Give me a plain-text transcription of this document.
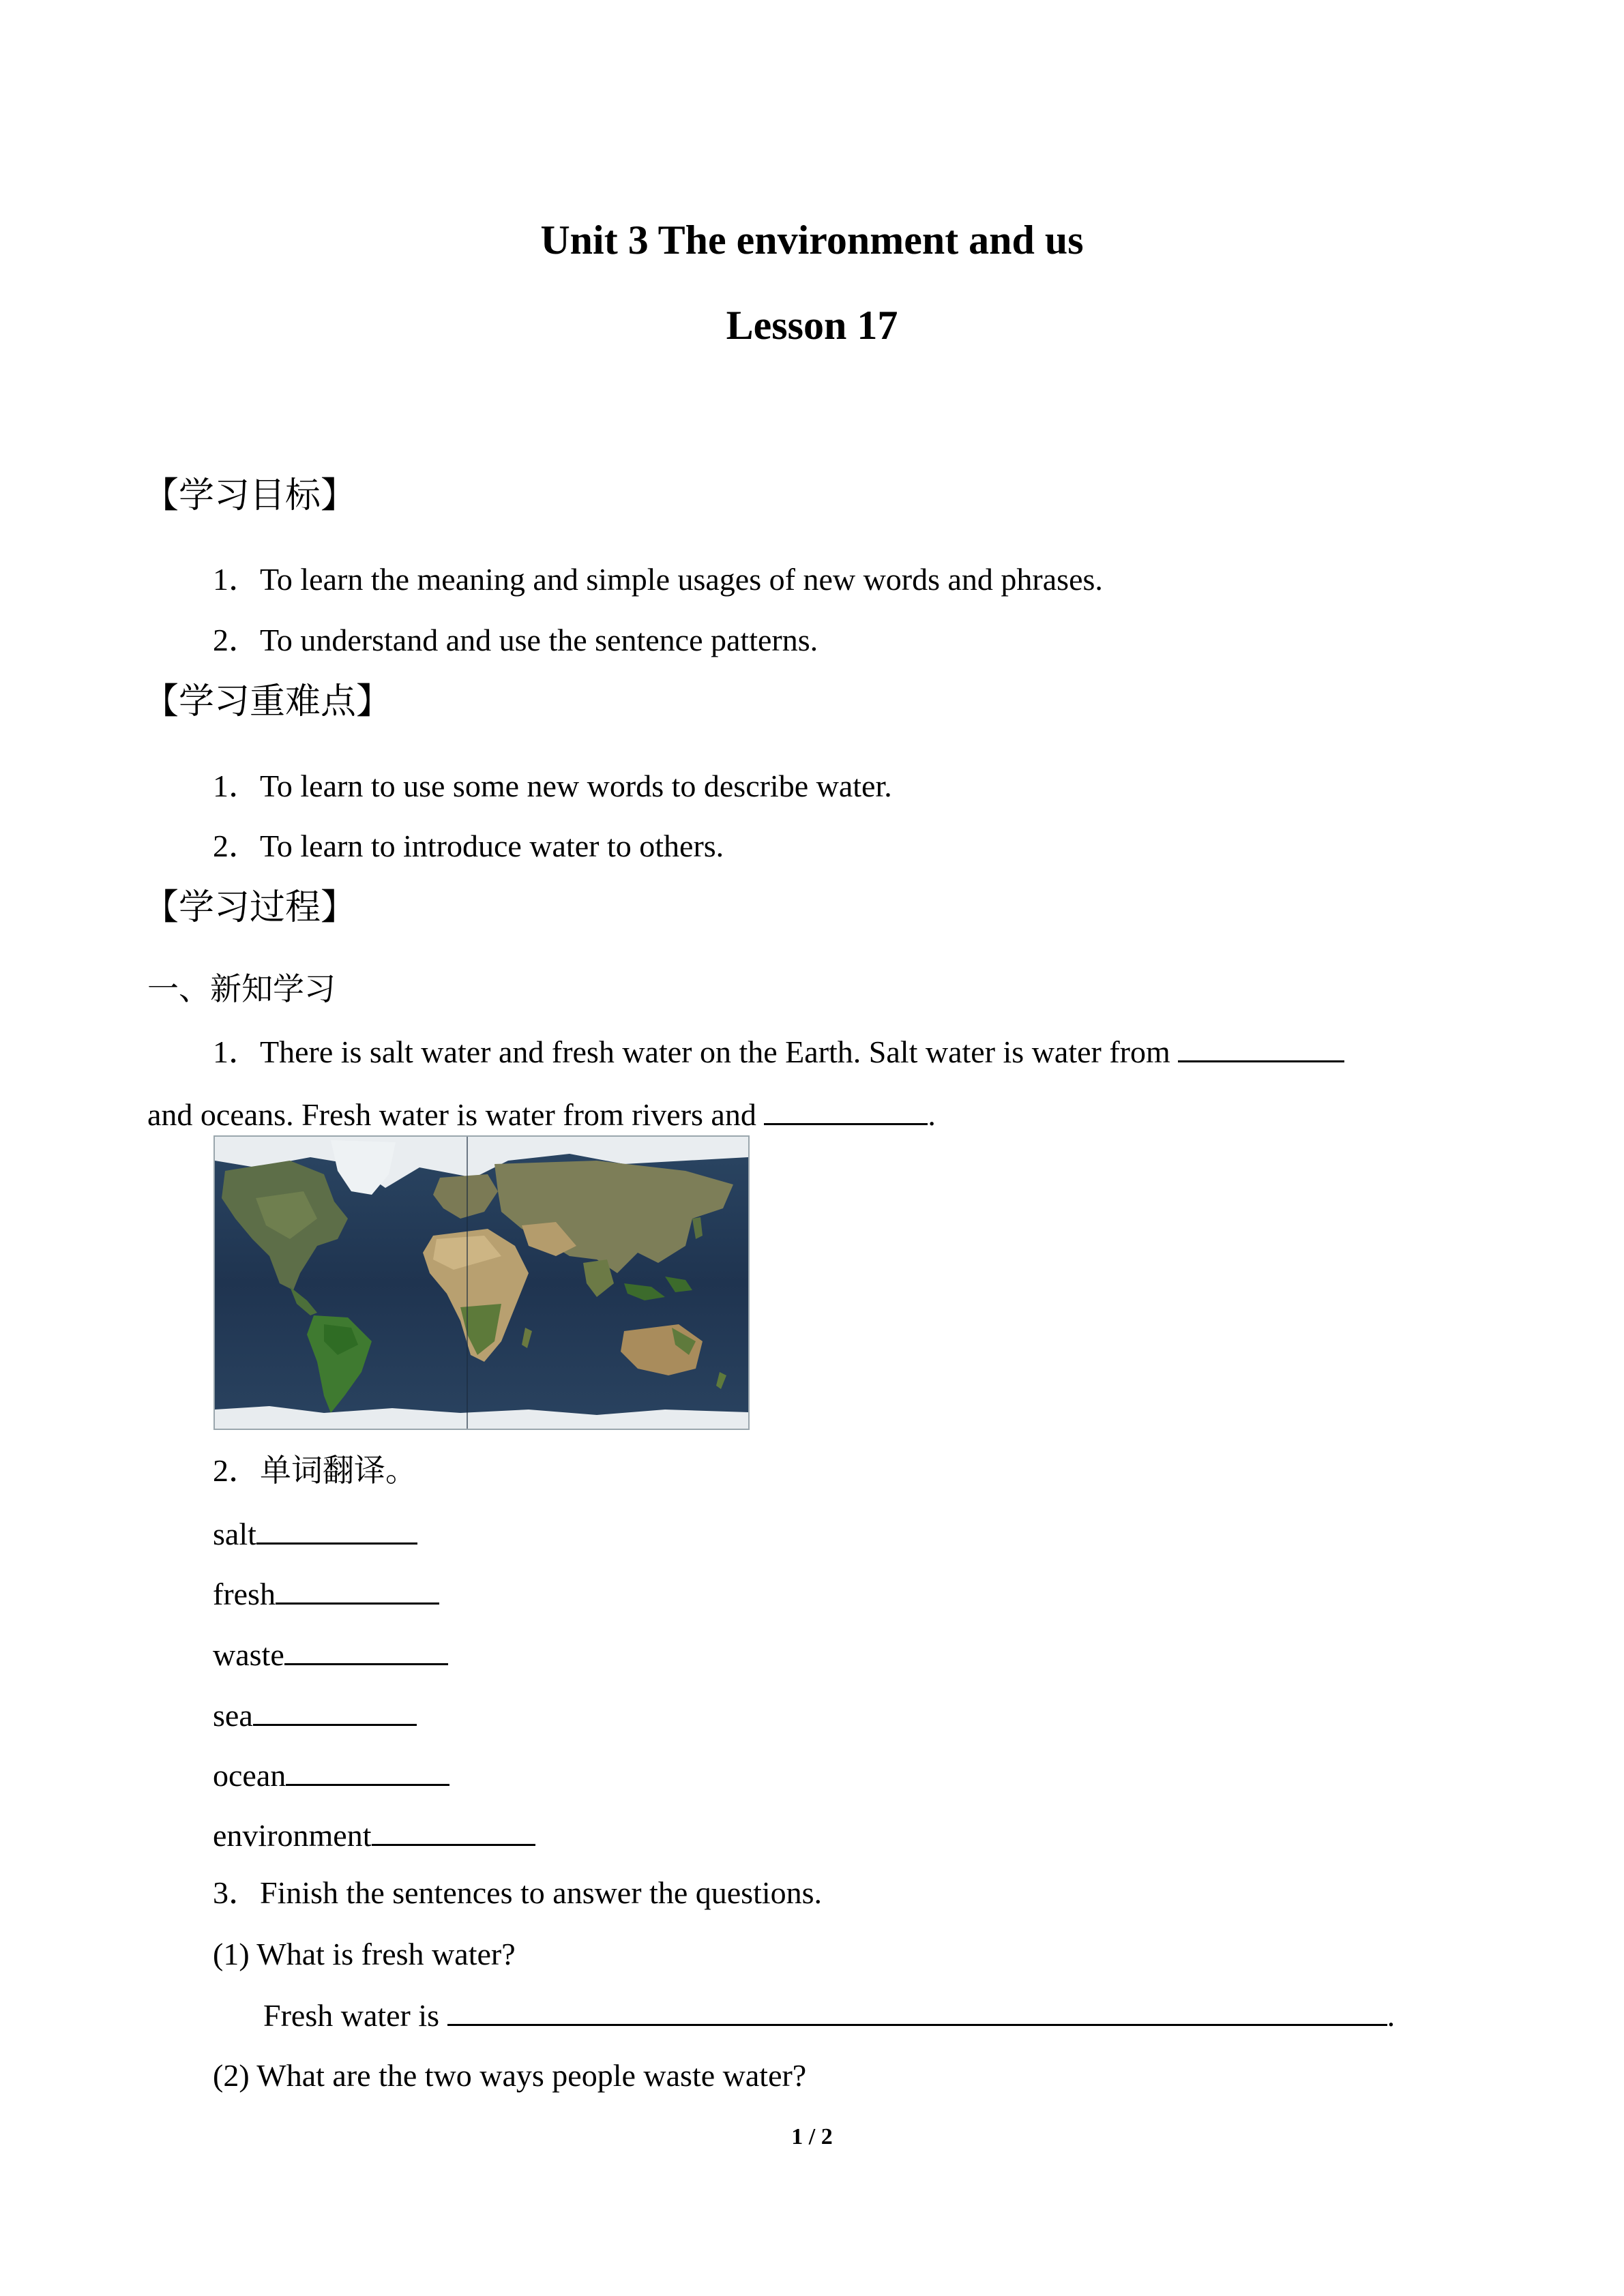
Unit 3 The environment and us
Lesson 17
【学习目标】
1．To learn the meaning and simple usages of new words and phrases.
2．To understand and use the sentence patterns.
【学习重难点】
1．To learn to use some new words to describe water.
2．To learn to introduce water to others.
【学习过程】
一、新知学习
1．There is salt water and fresh water on the Earth. Salt water is water from
and oceans. Fresh water is water from rivers and	.
2．单词翻译。
salt
fresh
waste
sea
ocean
environment
3．Finish the sentences to answer the questions.
(1) What is fresh water?
Fresh water is	.
(2) What are the two ways people waste water?
1 / 2
